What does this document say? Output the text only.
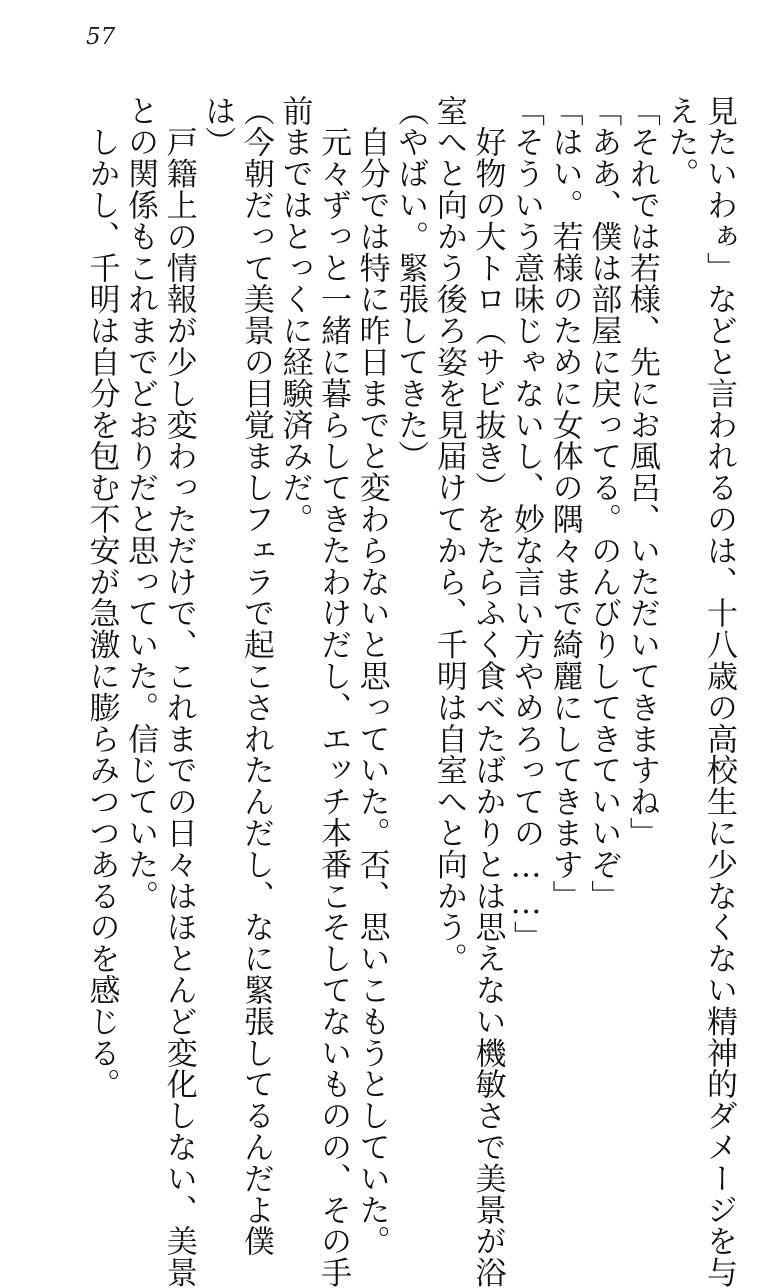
57
見たいわぁ」などと言われるのは、十八歳の高校生に少なくない精神的ダメージを与
えた。
「それでは若様、先にお風呂、いただいてきますね」
「ああ、僕は部屋に戻ってる。のんびりしてきていいぞ」
「はい。若様のために女体の隅々まで綺麗にしてきます」
「そういう意味じゃないし、妙な言い方やめろっての……」
　好物の大トロ（サビ抜き）をたらふく食べたばかりとは思えない機敏さで美景が浴
室へと向かう後ろ姿を見届けてから、千明は自室へと向かう。
（やばい。緊張してきた）
　自分では特に昨日までと変わらないと思っていた。否、思いこもうとしていた。
　元々ずっと一緒に暮らしてきたわけだし、エッチ本番こそしてないものの、その手
前まではとっくに経験済みだ。
（今朝だって美景の目覚ましフェラで起こされたんだし、なに緊張してるんだよ僕
は）
　戸籍上の情報が少し変わっただけで、これまでの日々はほとんど変化しない、美景
との関係もこれまでどおりだと思っていた。信じていた。
　しかし、千明は自分を包む不安が急激に膨らみつつあるのを感じる。
